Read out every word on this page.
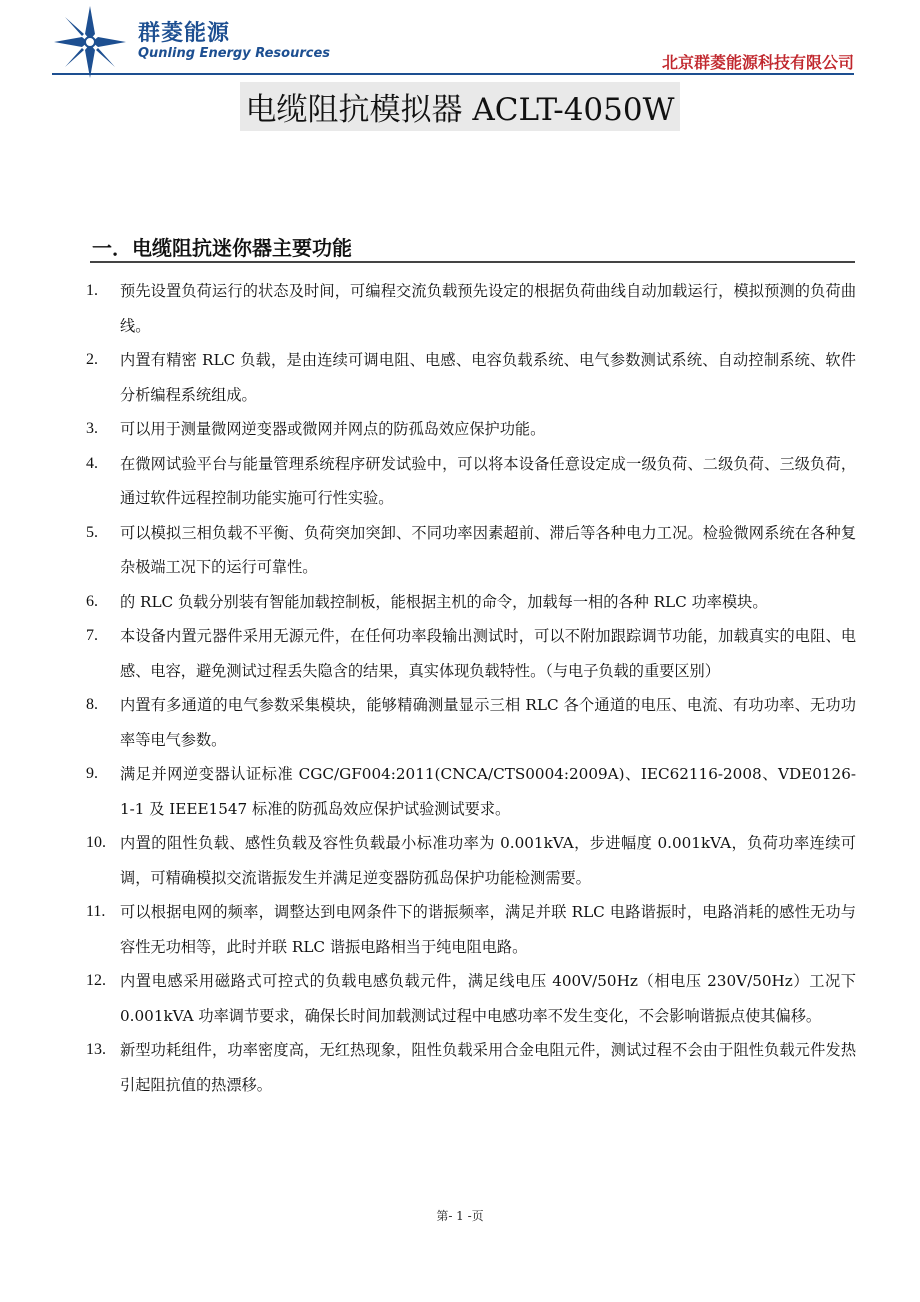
群菱能源
Qunling Energy Resources	北京群菱能源科技有限公司
电缆阻抗模拟器 ACLT-4050W
一．电缆阻抗迷你器主要功能
1. 预先设置负荷运行的状态及时间，可编程交流负载预先设定的根据负荷曲线自动加载运行，模拟预测的负荷曲线。
2. 内置有精密 RLC 负载，是由连续可调电阻、电感、电容负载系统、电气参数测试系统、自动控制系统、软件分析编程系统组成。
3. 可以用于测量微网逆变器或微网并网点的防孤岛效应保护功能。
4. 在微网试验平台与能量管理系统程序研发试验中，可以将本设备任意设定成一级负荷、二级负荷、三级负荷，通过软件远程控制功能实施可行性实验。
5. 可以模拟三相负载不平衡、负荷突加突卸、不同功率因素超前、滞后等各种电力工况。检验微网系统在各种复杂极端工况下的运行可靠性。
6. 的 RLC 负载分别装有智能加载控制板，能根据主机的命令，加载每一相的各种 RLC 功率模块。
7. 本设备内置元器件采用无源元件，在任何功率段输出测试时，可以不附加跟踪调节功能，加载真实的电阻、电感、电容，避免测试过程丢失隐含的结果，真实体现负载特性。（与电子负载的重要区别）
8. 内置有多通道的电气参数采集模块，能够精确测量显示三相 RLC 各个通道的电压、电流、有功功率、无功功率等电气参数。
9. 满足并网逆变器认证标准 CGC/GF004:2011(CNCA/CTS0004:2009A)、IEC62116-2008、VDE0126-1-1 及 IEEE1547 标准的防孤岛效应保护试验测试要求。
10. 内置的阻性负载、感性负载及容性负载最小标准功率为 0.001kVA，步进幅度 0.001kVA，负荷功率连续可调，可精确模拟交流谐振发生并满足逆变器防孤岛保护功能检测需要。
11. 可以根据电网的频率，调整达到电网条件下的谐振频率，满足并联 RLC 电路谐振时，电路消耗的感性无功与容性无功相等，此时并联 RLC 谐振电路相当于纯电阻电路。
12. 内置电感采用磁路式可控式的负载电感负载元件，满足线电压 400V/50Hz（相电压 230V/50Hz）工况下 0.001kVA 功率调节要求，确保长时间加载测试过程中电感功率不发生变化，不会影响谐振点使其偏移。
13. 新型功耗组件，功率密度高，无红热现象，阻性负载采用合金电阻元件，测试过程不会由于阻性负载元件发热引起阻抗值的热漂移。
第- 1 -页
